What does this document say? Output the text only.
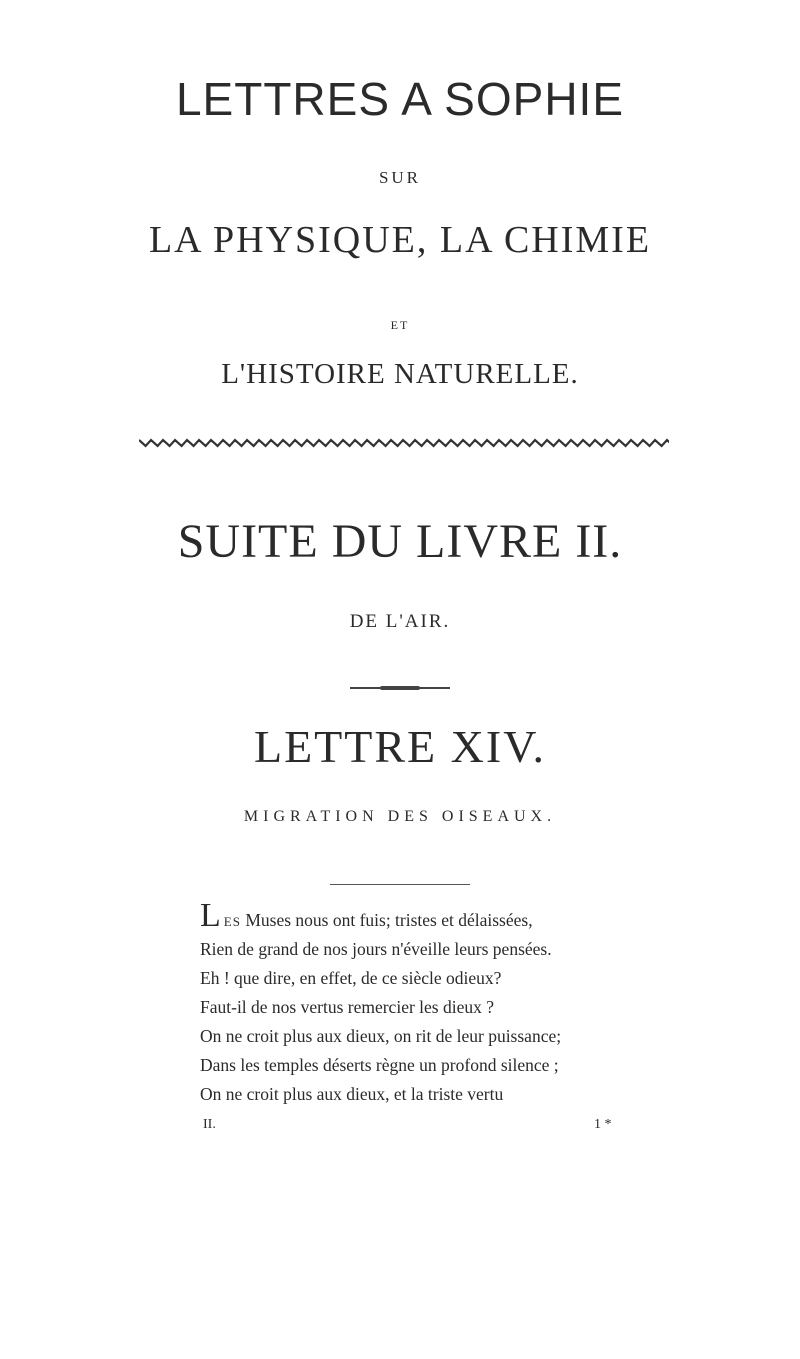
LETTRES A SOPHIE
SUR
LA PHYSIQUE, LA CHIMIE
ET
L'HISTOIRE NATURELLE.
SUITE DU LIVRE II.
DE L'AIR.
LETTRE XIV.
MIGRATION DES OISEAUX.
LES Muses nous ont fuis; tristes et délaissées,
Rien de grand de nos jours n'éveille leurs pensées.
Eh ! que dire, en effet, de ce siècle odieux?
Faut-il de nos vertus remercier les dieux ?
On ne croit plus aux dieux, on rit de leur puissance;
Dans les temples déserts règne un profond silence ;
On ne croit plus aux dieux, et la triste vertu
II.	1 *
